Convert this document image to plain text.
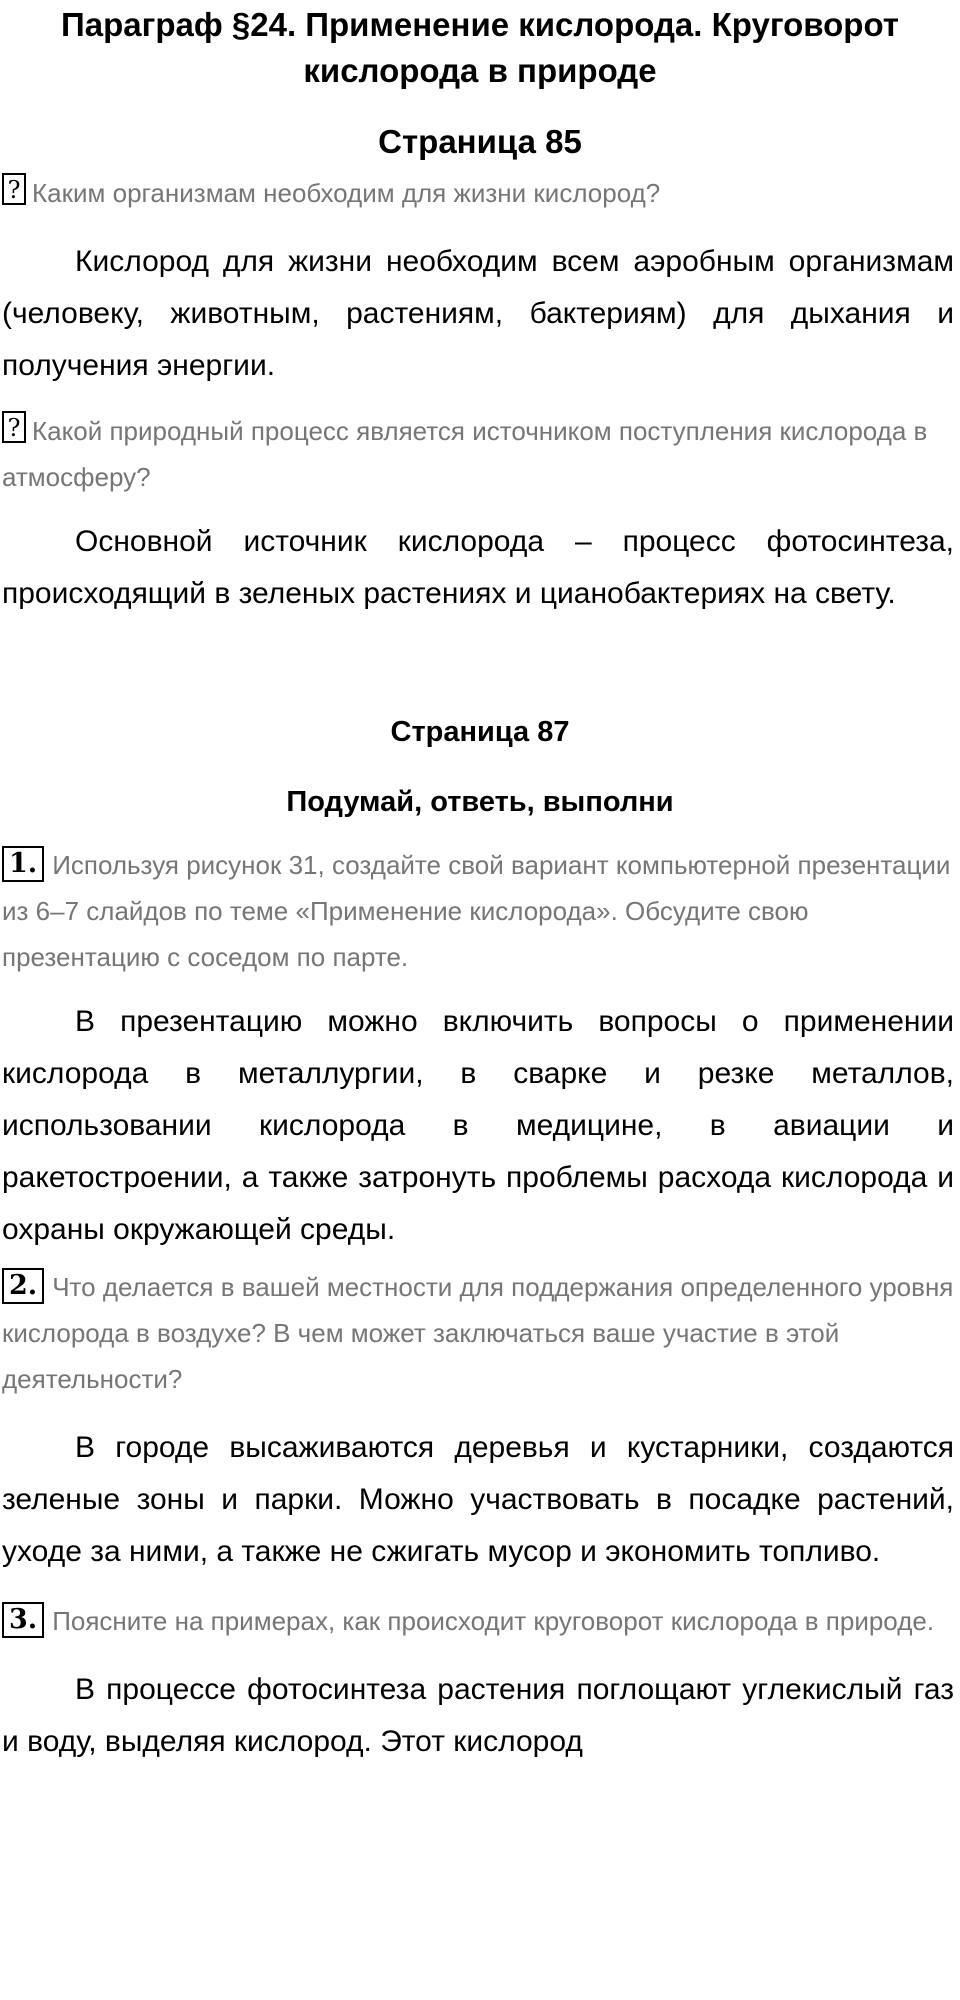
Параграф §24. Применение кислорода. Круговорот

кислорода в природе

Страница 85

? Каким организмам необходим для жизни кислород?

Кислород для жизни необходим всем аэробным организмам (человеку, животным, растениям, бактериям) для дыхания и получения энергии.

? Какой природный процесс является источником поступления кислорода в атмосферу?

Основной источник кислорода – процесс фотосинтеза, происходящий в зеленых растениях и цианобактериях на свету.

Страница 87

Подумай, ответь, выполни

1. Используя рисунок 31, создайте свой вариант компьютерной презентации из 6–7 слайдов по теме «Применение кислорода». Обсудите свою презентацию с соседом по парте.

В презентацию можно включить вопросы о применении кислорода в металлургии, в сварке и резке металлов, использовании кислорода в медицине, в авиации и ракетостроении, а также затронуть проблемы расхода кислорода и охраны окружающей среды.

2. Что делается в вашей местности для поддержания определенного уровня кислорода в воздухе? В чем может заключаться ваше участие в этой деятельности?

В городе высаживаются деревья и кустарники, создаются зеленые зоны и парки. Можно участвовать в посадке растений, уходе за ними, а также не сжигать мусор и экономить топливо.

3. Поясните на примерах, как происходит круговорот кислорода в природе.

В процессе фотосинтеза растения поглощают углекислый газ и воду, выделяя кислород. Этот кислород
